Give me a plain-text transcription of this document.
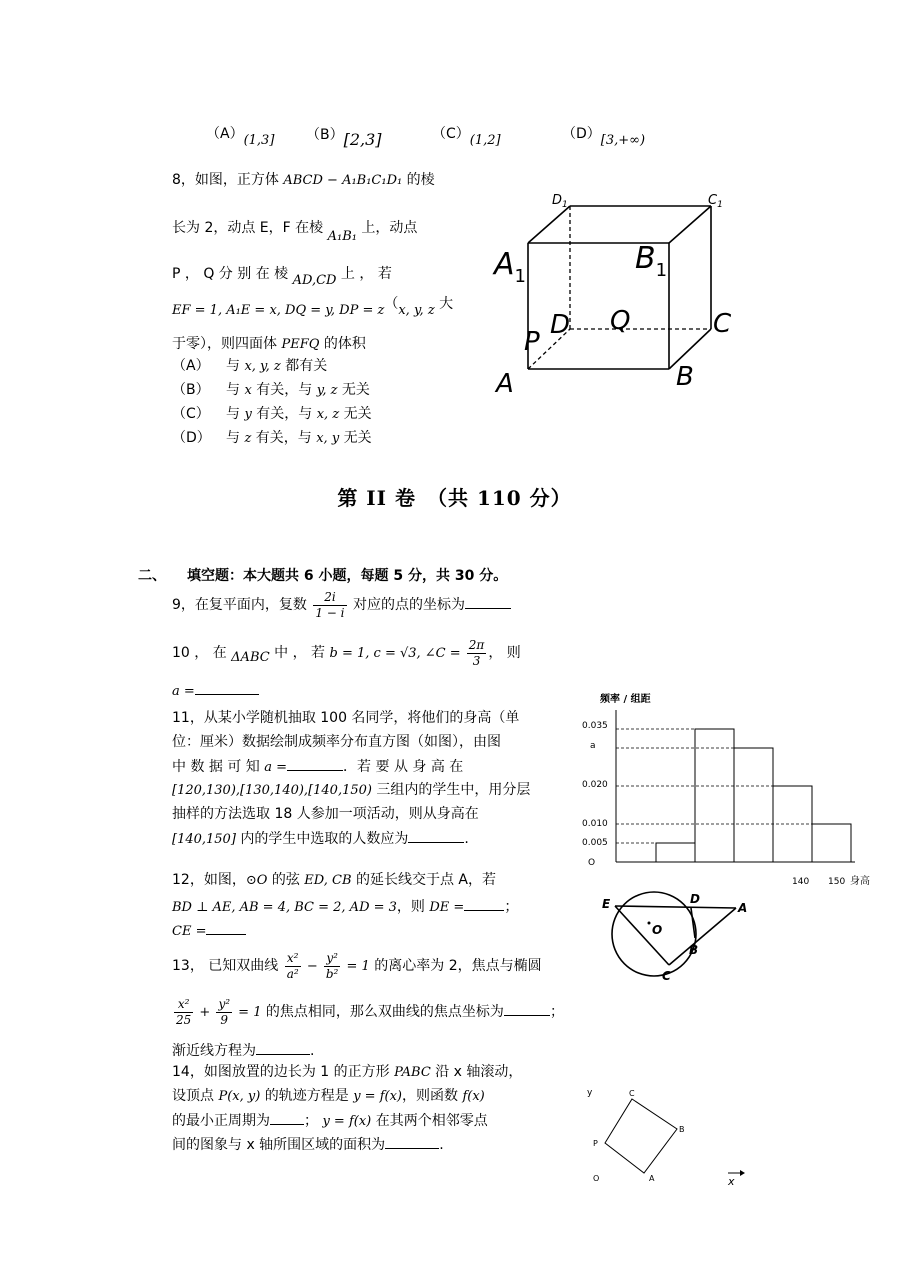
（A）(1,3] （B）[2,3]	（C）(1,2]	（D）[3,+∞)
8，如图，正方体 ABCD − A₁B₁C₁D₁ 的棱
长为 2，动点 E，F 在棱 A₁B₁ 上，动点
P ， Q 分 别 在 棱 AD,CD 上 ， 若
EF = 1, A₁E = x, DQ = y, DP = z（x, y, z 大
于零），则四面体 PEFQ 的体积
（A） 与 x, y, z 都有关
（B） 与 x 有关，与 y, z 无关
（C） 与 y 有关，与 x, z 无关
（D） 与 z 有关，与 x, y 无关
$D_1$	$C_1$
$A_1$
$B_1$
D Q	C
P
A	B
第 II 卷　（共 110 分）
二、　　填空题：本大题共 6 小题，每题 5 分，共 30 分。
9，在复平面内，复数 $\frac{2i}{1 - i}$ 对应的点的坐标为
10 ， 在 ΔABC 中 ， 若 b = 1, c = √3, ∠C = $\frac{2\pi}{3}$ ， 则
a =
11，从某小学随机抽取 100 名同学，将他们的身高（单
位：厘米）数据绘制成频率分布直方图（如图），由图
中 数 据 可 知 a =	．若 要 从 身 高 在
[120,130),[130,140),[140,150) 三组内的学生中，用分层
抽样的方法选取 18 人参加一项活动，则从身高在
[140,150] 内的学生中选取的人数应为	.
频率 / 组距
0.035
a
0.020
0.010
0.005
O
140 150 身高
12，如图，⊙O 的弦 ED, CB 的延长线交于点 A，若
BD ⊥ AE, AB = 4, BC = 2, AD = 3，则 DE =	；
CE =
E	D
A
O
B
C
13， 已知双曲线 $\frac{\text{x²}}{\text{a²}} - \frac{\text{y²}}{\text{b²}} = 1$ 的离心率为 2，焦点与椭圆
$\frac{\text{x²}}{25} + \frac{\text{y²}}{9} = 1$ 的焦点相同，那么双曲线的焦点坐标为	；
渐近线方程为	.
14，如图放置的边长为 1 的正方形 PABC 沿 x 轴滚动，
设顶点 P(x, y) 的轨迹方程是 y = f(x)，则函数 f(x)
的最小正周期为 ； y = f(x) 在其两个相邻零点
间的图象与 x 轴所围区域的面积为	.
y	C
B
P
O	A	x
